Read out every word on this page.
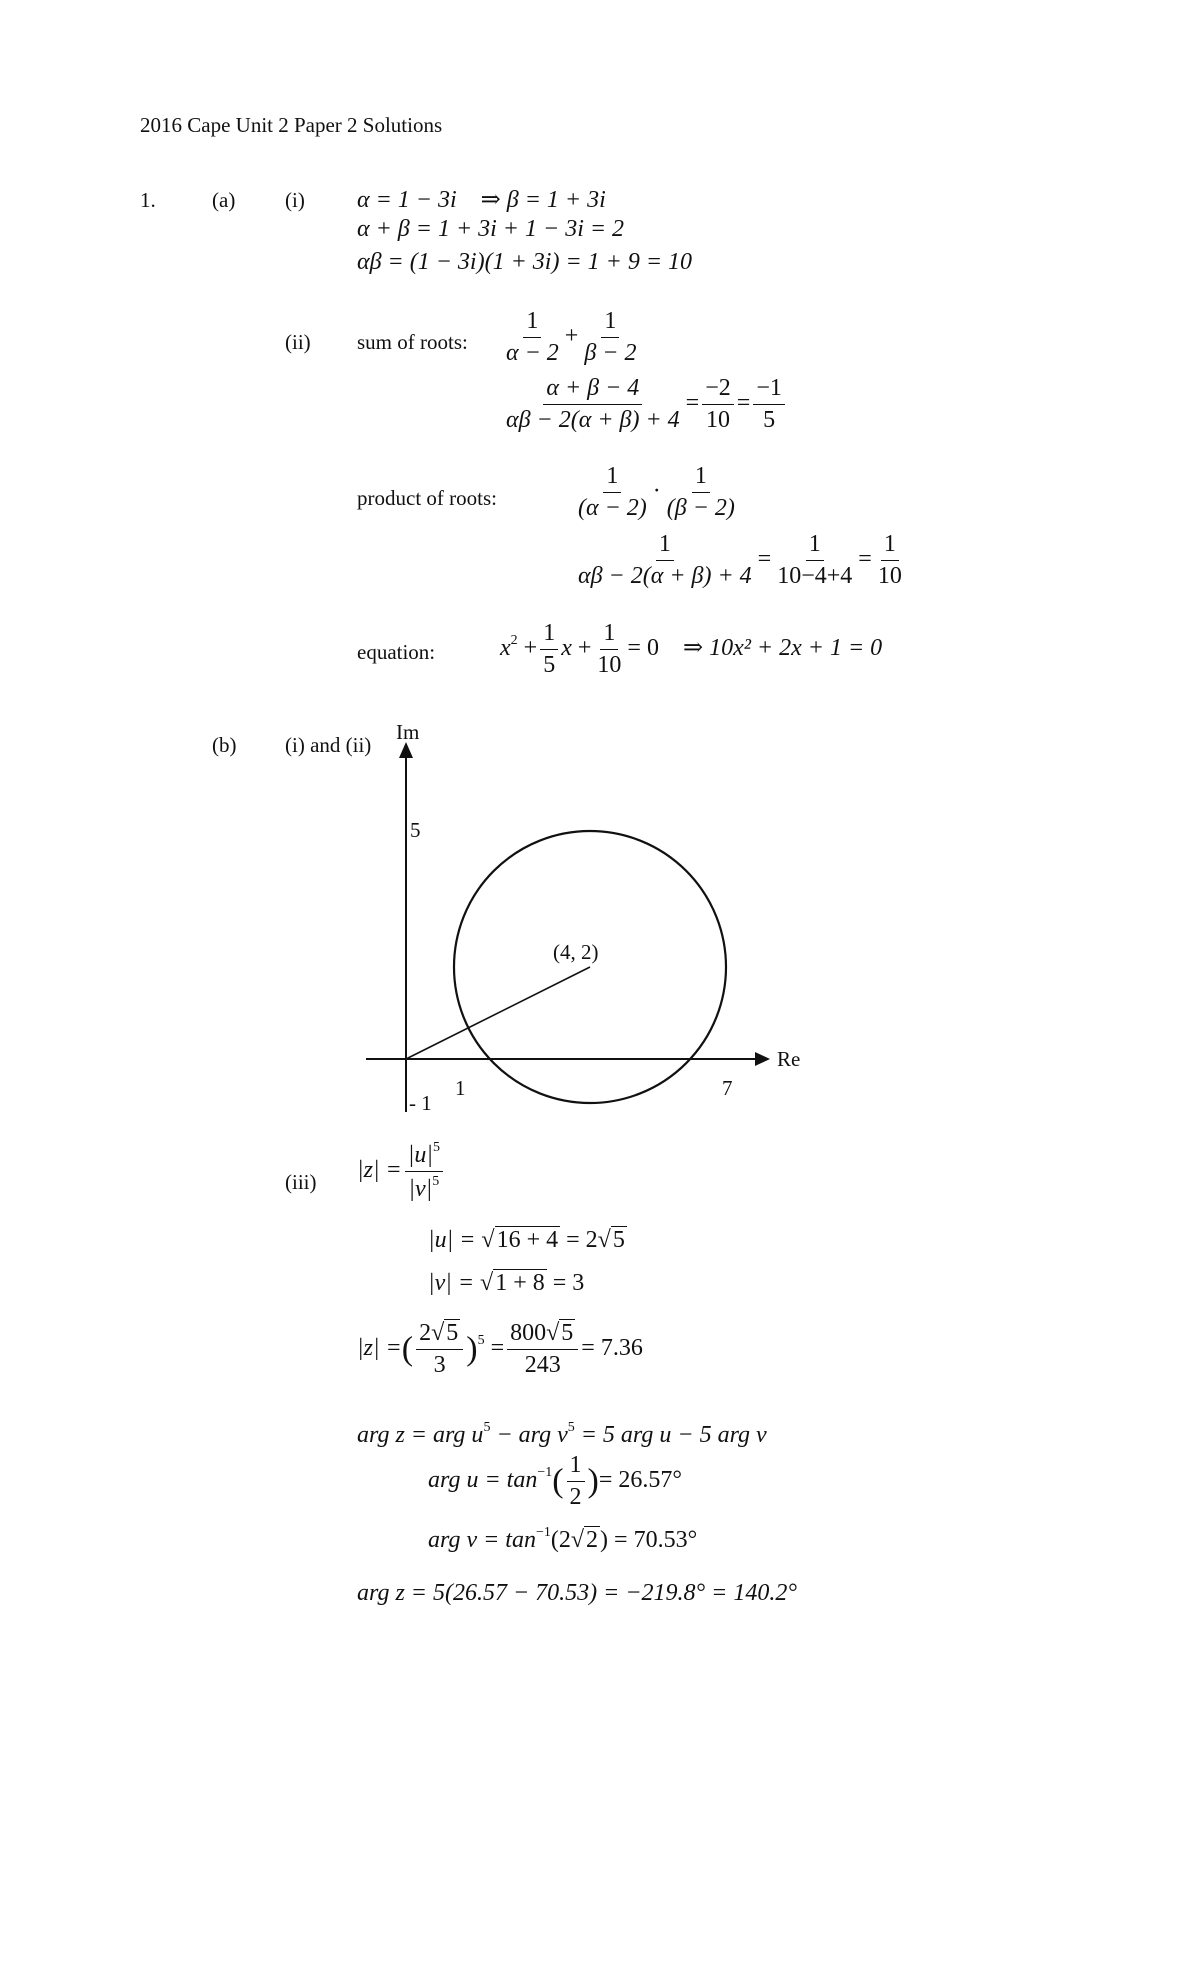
2016 Cape Unit 2 Paper 2 Solutions
1.	(a) (i) α = 1 − 3i ⇒ β = 1 + 3i
α + β = 1 + 3i + 1 − 3i = 2
αβ = (1 − 3i)(1 + 3i) = 1 + 9 = 10
(ii) sum of roots: $\frac{1}{\alpha - 2} + \frac{1}{\beta - 2}$
$\frac{\alpha + \beta - 4}{\alpha\beta - 2(\alpha + \beta) + 4} = \frac{-2}{10} = \frac{-1}{5}$
product of roots:	$\frac{1}{(\alpha - 2)} \cdot \frac{1}{(\beta - 2)}$
$\frac{1}{\alpha\beta - 2(\alpha + \beta) + 4} = \frac{1}{10-4+4} = \frac{1}{10}$
equation:	$x^2 + \frac{1}{5}$ $x + \frac{1}{10} = 0$    ⇒ 10x² + 2x + 1 = 0
(b) (i) and (ii)
Im
Re
5
1	7
- 1
(4, 2)
(iii) $|z| = \frac{|u|^5}{|v|^5}$
|u| = √16 + 4 = 2√5
|v| = √1 + 8 = 3
|z| =( $\frac{2√5}{3} )^5 = \frac{800√5}{243} = 7.36$
arg z = arg $u^5$ − arg $v^5 = 5$ arg u − 5 arg v
arg $u = \tan^{-1}( \frac{1}{2}$ )= 26.57°
arg $v = \tan^{-1}(2√2) = 70.53^\circ$
arg z = 5(26.57 − 70.53) = −219.8° = 140.2°
